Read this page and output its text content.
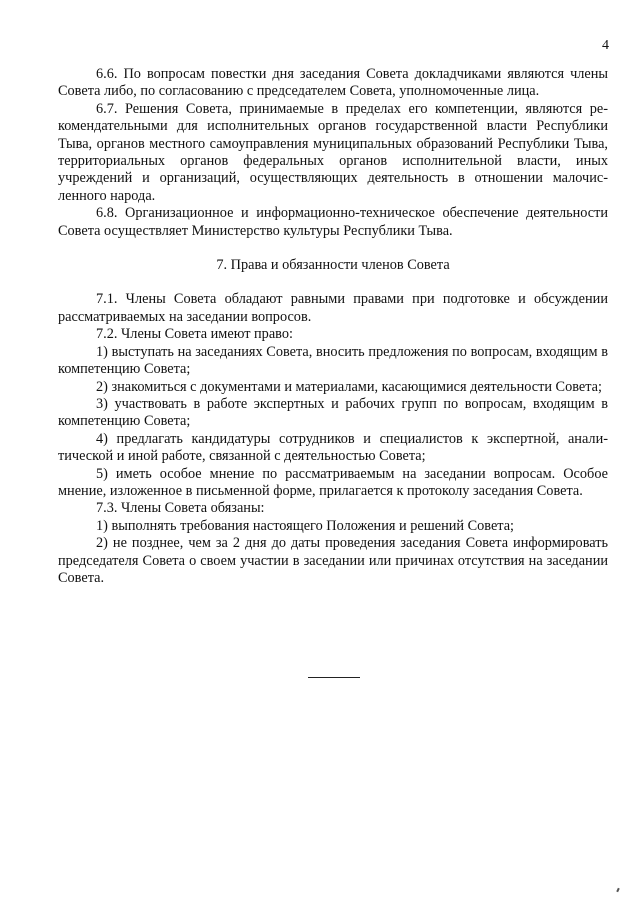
4

6.6. По вопросам повестки дня заседания Совета докладчиками являются члены Совета либо, по согласованию с председателем Совета, уполномоченные лица.

6.7. Решения Совета, принимаемые в пределах его компетенции, являются рекомендательными для исполнительных органов государственной власти Республики Тыва, органов местного самоуправления муниципальных образований Республики Тыва, территориальных органов федеральных органов исполнительной власти, иных учреждений и организаций, осуществляющих деятельность в отношении малочисленного народа.

6.8. Организационное и информационно-техническое обеспечение деятельности Совета осуществляет Министерство культуры Республики Тыва.

7. Права и обязанности членов Совета

7.1. Члены Совета обладают равными правами при подготовке и обсуждении рассматриваемых на заседании вопросов.

7.2. Члены Совета имеют право:

1) выступать на заседаниях Совета, вносить предложения по вопросам, входящим в компетенцию Совета;

2) знакомиться с документами и материалами, касающимися деятельности Совета;

3) участвовать в работе экспертных и рабочих групп по вопросам, входящим в компетенцию Совета;

4) предлагать кандидатуры сотрудников и специалистов к экспертной, аналитической и иной работе, связанной с деятельностью Совета;

5) иметь особое мнение по рассматриваемым на заседании вопросам. Особое мнение, изложенное в письменной форме, прилагается к протоколу заседания Совета.

7.3. Члены Совета обязаны:

1) выполнять требования настоящего Положения и решений Совета;

2) не позднее, чем за 2 дня до даты проведения заседания Совета информировать председателя Совета о своем участии в заседании или причинах отсутствия на заседании Совета.
